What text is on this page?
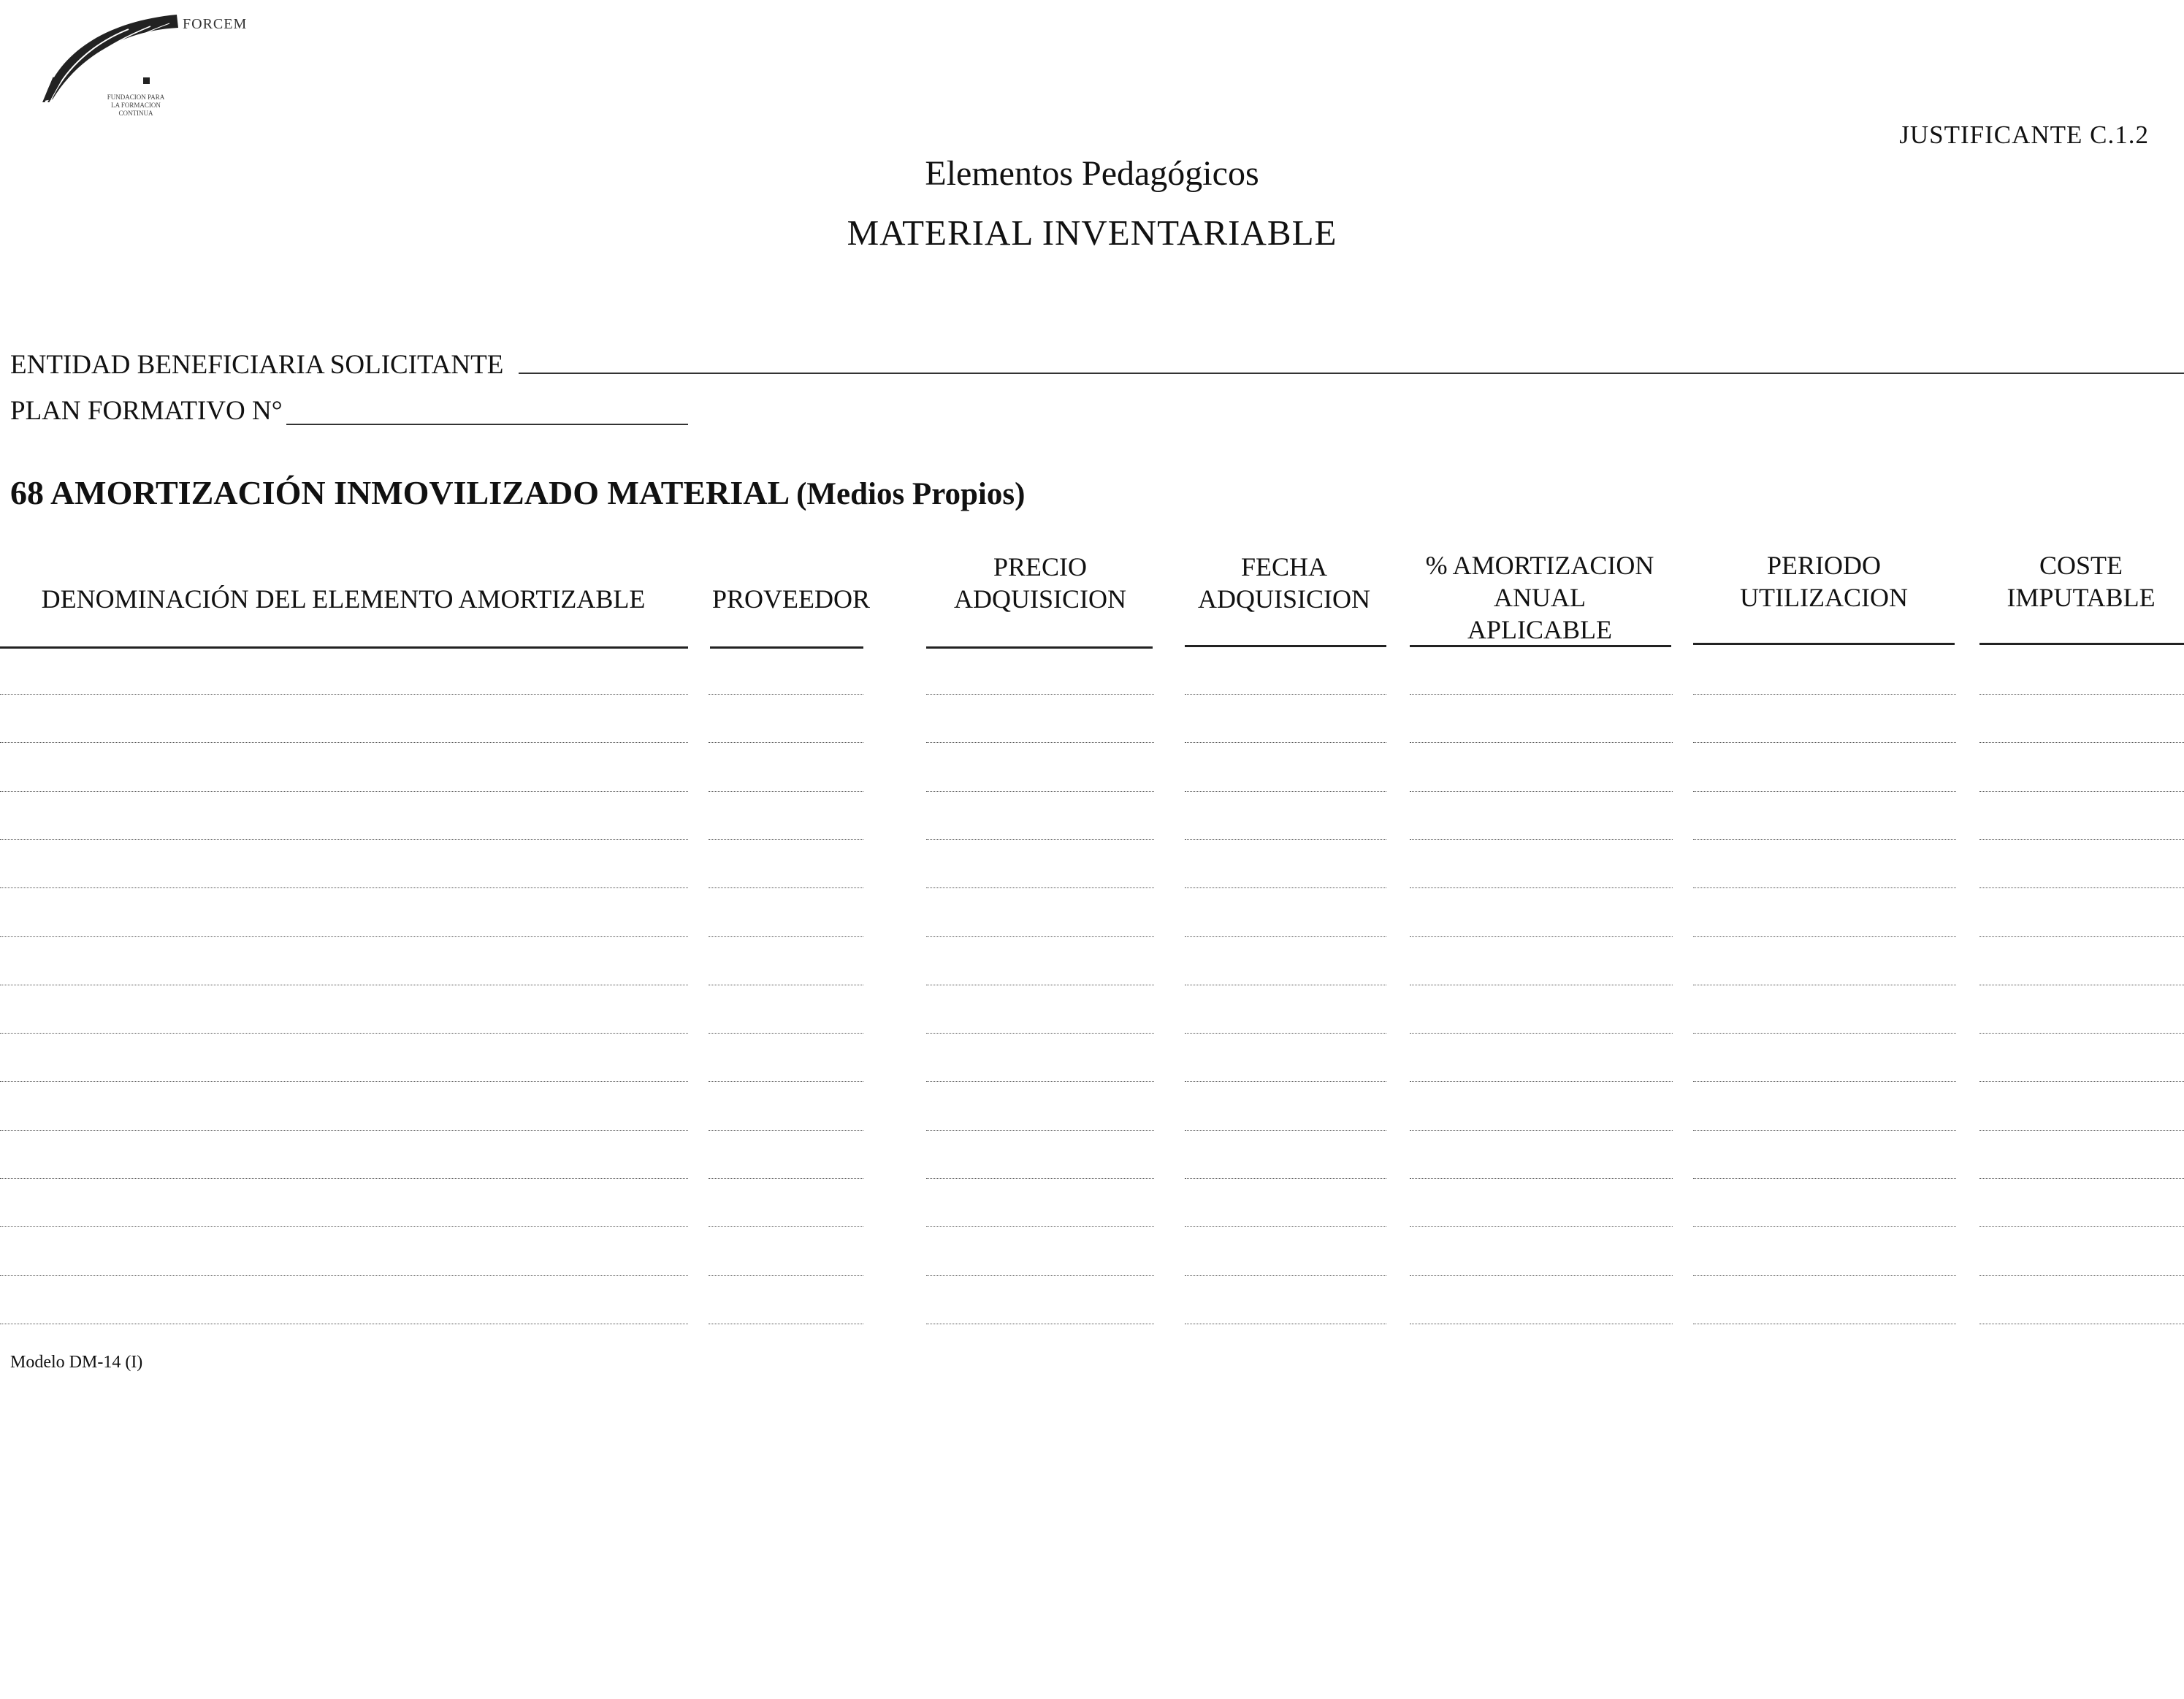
FORCEM
FUNDACION PARA LA FORMACION CONTINUA
JUSTIFICANTE C.1.2
Elementos Pedagógicos
MATERIAL INVENTARIABLE
ENTIDAD BENEFICIARIA SOLICITANTE
PLAN FORMATIVO N°
68 AMORTIZACIÓN INMOVILIZADO MATERIAL (Medios Propios)
DENOMINACIÓN DEL ELEMENTO AMORTIZABLE	PROVEEDOR
PRECIO
ADQUISICION
FECHA
ADQUISICION
% AMORTIZACION
ANUAL
APLICABLE
PERIODO
UTILIZACION
COSTE
IMPUTABLE
Modelo DM-14 (I)
